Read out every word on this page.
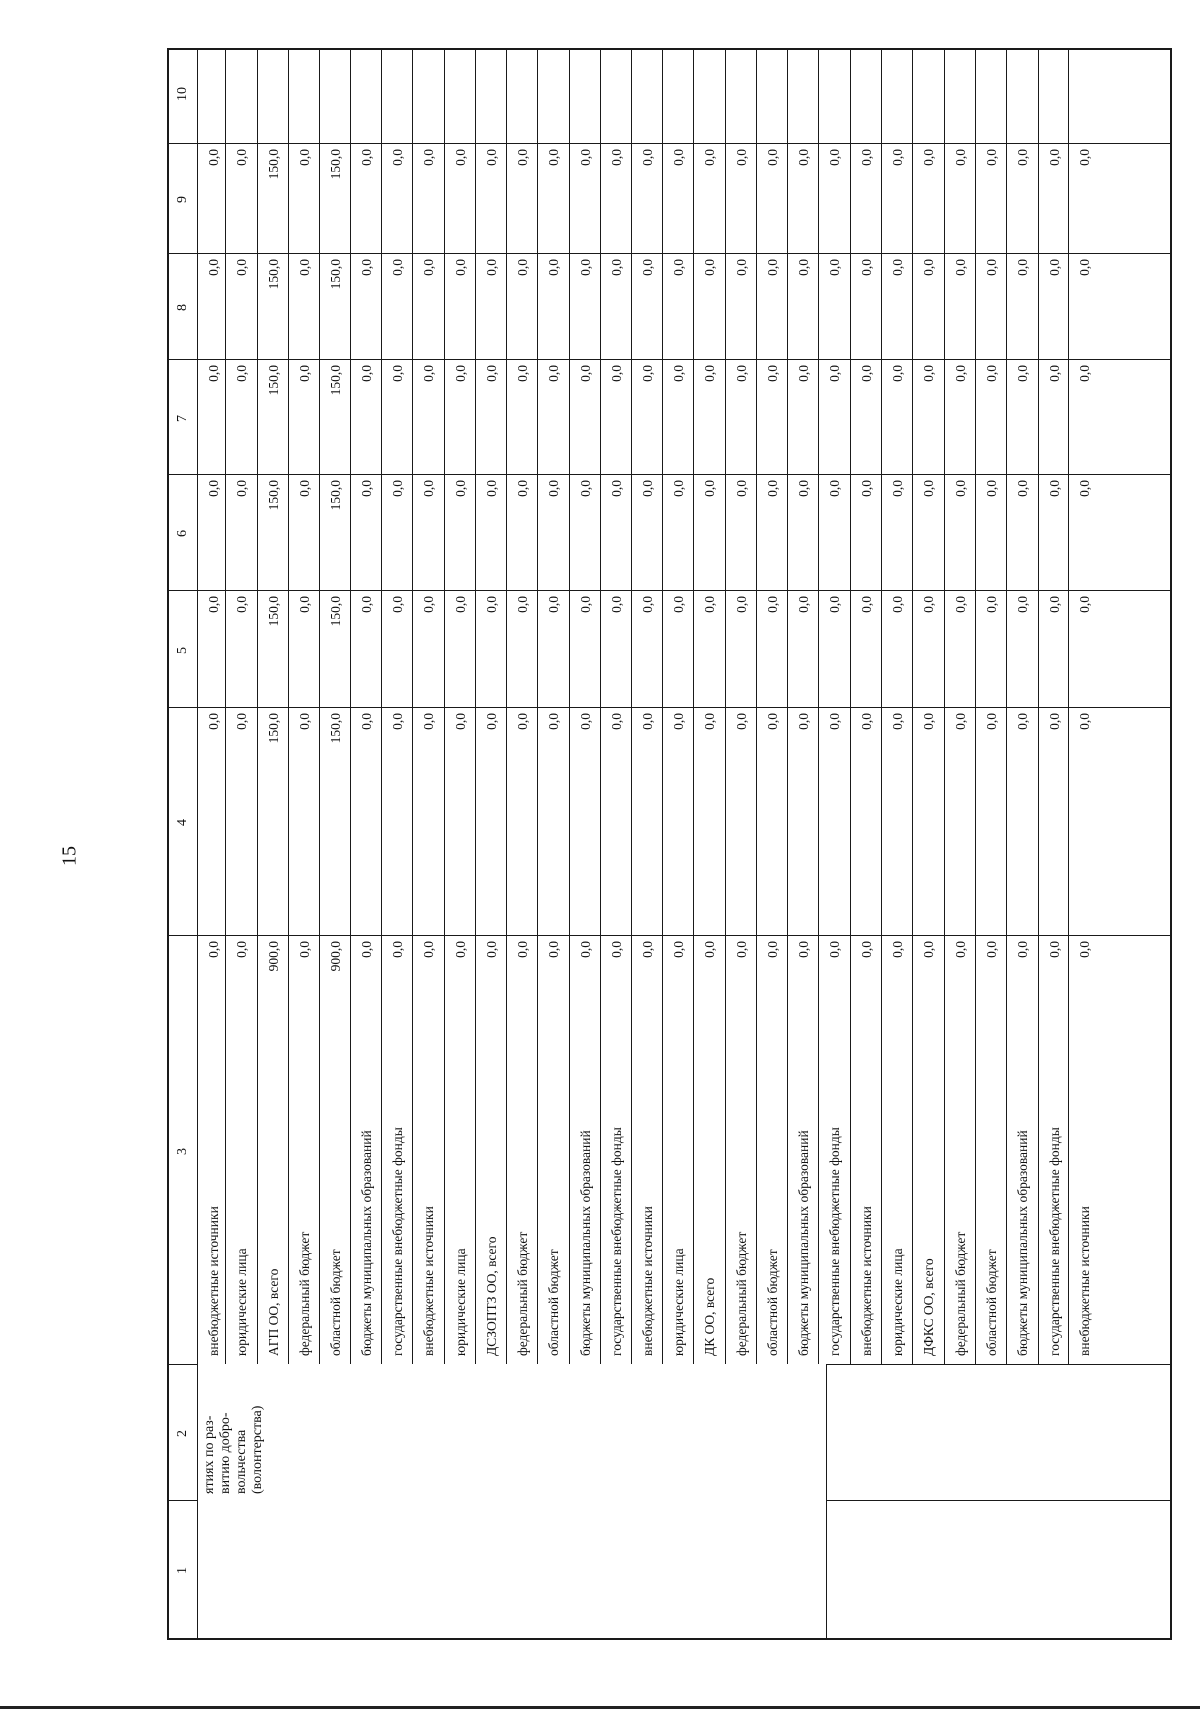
15
1
2
3
4
5
6
7
8
9
10
ятиях по раз-
витию добро-
вольчества
(волонтерства)
внебюджетные источники
0,0
0,0
0,0
0,0
0,0
0,0
0,0
юридические лица
0,0
0,0
0,0
0,0
0,0
0,0
0,0
АГП ОО, всего
900,0
150,0
150,0
150,0
150,0
150,0
150,0
федеральный бюджет
0,0
0,0
0,0
0,0
0,0
0,0
0,0
областной бюджет
900,0
150,0
150,0
150,0
150,0
150,0
150,0
бюджеты муниципальных образований
0,0
0,0
0,0
0,0
0,0
0,0
0,0
государственные внебюджетные фонды
0,0
0,0
0,0
0,0
0,0
0,0
0,0
внебюджетные источники
0,0
0,0
0,0
0,0
0,0
0,0
0,0
юридические лица
0,0
0,0
0,0
0,0
0,0
0,0
0,0
ДСЗОПТЗ ОО, всего
0,0
0,0
0,0
0,0
0,0
0,0
0,0
федеральный бюджет
0,0
0,0
0,0
0,0
0,0
0,0
0,0
областной бюджет
0,0
0,0
0,0
0,0
0,0
0,0
0,0
бюджеты муниципальных образований
0,0
0,0
0,0
0,0
0,0
0,0
0,0
государственные внебюджетные фонды
0,0
0,0
0,0
0,0
0,0
0,0
0,0
внебюджетные источники
0,0
0,0
0,0
0,0
0,0
0,0
0,0
юридические лица
0,0
0,0
0,0
0,0
0,0
0,0
0,0
ДК ОО, всего
0,0
0,0
0,0
0,0
0,0
0,0
0,0
федеральный бюджет
0,0
0,0
0,0
0,0
0,0
0,0
0,0
областной бюджет
0,0
0,0
0,0
0,0
0,0
0,0
0,0
бюджеты муниципальных образований
0,0
0,0
0,0
0,0
0,0
0,0
0,0
государственные внебюджетные фонды
0,0
0,0
0,0
0,0
0,0
0,0
0,0
внебюджетные источники
0,0
0,0
0,0
0,0
0,0
0,0
0,0
юридические лица
0,0
0,0
0,0
0,0
0,0
0,0
0,0
ДФКС ОО, всего
0,0
0,0
0,0
0,0
0,0
0,0
0,0
федеральный бюджет
0,0
0,0
0,0
0,0
0,0
0,0
0,0
областной бюджет
0,0
0,0
0,0
0,0
0,0
0,0
0,0
бюджеты муниципальных образований
0,0
0,0
0,0
0,0
0,0
0,0
0,0
государственные внебюджетные фонды
0,0
0,0
0,0
0,0
0,0
0,0
0,0
внебюджетные источники
0,0
0,0
0,0
0,0
0,0
0,0
0,0
